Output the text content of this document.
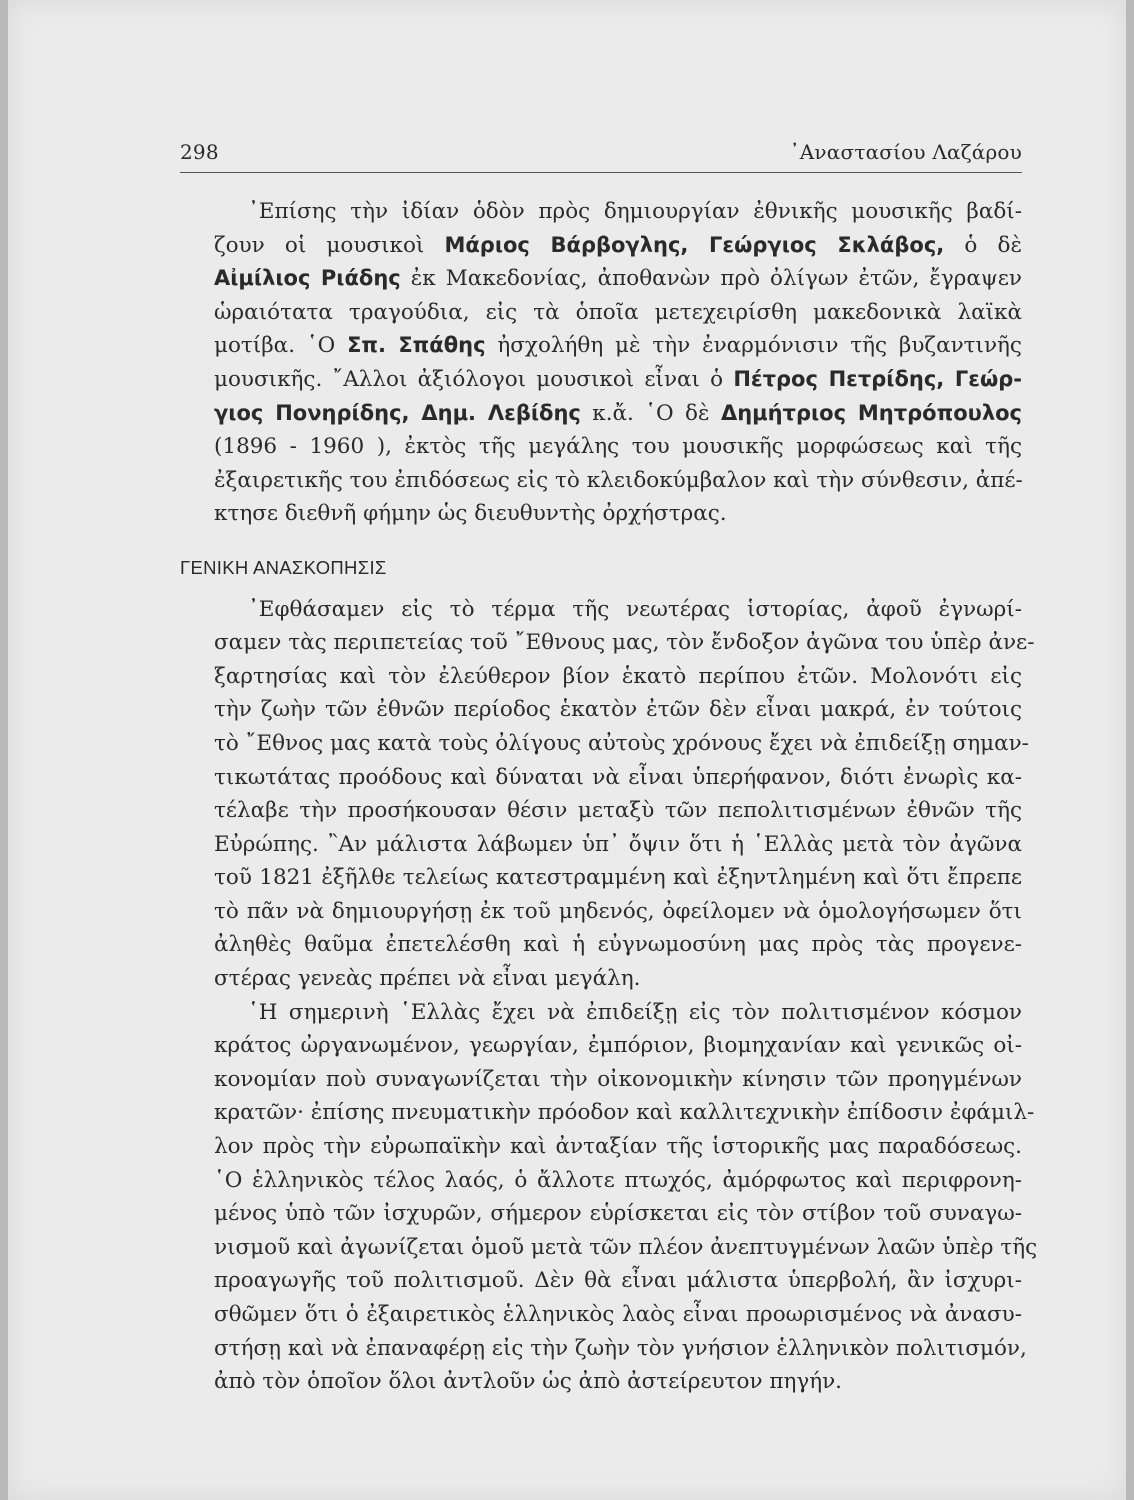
298	᾿Αναστασίου Λαζάρου
᾿Επίσης τὴν ἰδίαν ὁδὸν πρὸς δημιουργίαν ἐθνικῆς μουσικῆς βαδί-
ζουν οἱ μουσικοὶ Μάριος Βάρβογλης, Γεώργιος Σκλάβος, ὁ δὲ
Αἰμίλιος Ριάδης ἐκ Μακεδονίας, ἀποθανὼν πρὸ ὀλίγων ἐτῶν, ἔγραψεν
ὡραιότατα τραγούδια, εἰς τὰ ὁποῖα μετεχειρίσθη μακεδονικὰ λαϊκὰ
μοτίβα. ῾Ο Σπ. Σπάθης ἠσχολήθη μὲ τὴν ἐναρμόνισιν τῆς βυζαντινῆς
μουσικῆς. ῎Αλλοι ἀξιόλογοι μουσικοὶ εἶναι ὁ Πέτρος Πετρίδης, Γεώρ-
γιος Πονηρίδης, Δημ. Λεβίδης κ.ἄ. ῾Ο δὲ Δημήτριος Μητρόπουλος
(1896 - 1960 ), ἐκτὸς τῆς μεγάλης του μουσικῆς μορφώσεως καὶ τῆς
ἐξαιρετικῆς του ἐπιδόσεως εἰς τὸ κλειδοκύμβαλον καὶ τὴν σύνθεσιν, ἀπέ-
κτησε διεθνῆ φήμην ὡς διευθυντὴς ὀρχήστρας.
ΓΕΝΙΚΗ ΑΝΑΣΚΟΠΗΣΙΣ
᾿Εφθάσαμεν εἰς τὸ τέρμα τῆς νεωτέρας ἱστορίας, ἀφοῦ ἐγνωρί-
σαμεν τὰς περιπετείας τοῦ ῎Εθνους μας, τὸν ἔνδοξον ἀγῶνα του ὑπὲρ ἀνε-
ξαρτησίας καὶ τὸν ἐλεύθερον βίον ἑκατὸ περίπου ἐτῶν. Μολονότι εἰς
τὴν ζωὴν τῶν ἐθνῶν περίοδος ἑκατὸν ἐτῶν δὲν εἶναι μακρά, ἐν τούτοις
τὸ ῎Εθνος μας κατὰ τοὺς ὀλίγους αὐτοὺς χρόνους ἔχει νὰ ἐπιδείξῃ σημαν-
τικωτάτας προόδους καὶ δύναται νὰ εἶναι ὑπερήφανον, διότι ἐνωρὶς κα-
τέλαβε τὴν προσήκουσαν θέσιν μεταξὺ τῶν πεπολιτισμένων ἐθνῶν τῆς
Εὐρώπης. ῍Αν μάλιστα λάβωμεν ὑπ᾿ ὄψιν ὅτι ἡ ῾Ελλὰς μετὰ τὸν ἀγῶνα
τοῦ 1821 ἐξῆλθε τελείως κατεστραμμένη καὶ ἐξηντλημένη καὶ ὅτι ἔπρεπε
τὸ πᾶν νὰ δημιουργήσῃ ἐκ τοῦ μηδενός, ὀφείλομεν νὰ ὁμολογήσωμεν ὅτι
ἀληθὲς θαῦμα ἐπετελέσθη καὶ ἡ εὐγνωμοσύνη μας πρὸς τὰς προγενε-
στέρας γενεὰς πρέπει νὰ εἶναι μεγάλη.
῾Η σημερινὴ ῾Ελλὰς ἔχει νὰ ἐπιδείξῃ εἰς τὸν πολιτισμένον κόσμον
κράτος ὠργανωμένον, γεωργίαν, ἐμπόριον, βιομηχανίαν καὶ γενικῶς οἰ-
κονομίαν ποὺ συναγωνίζεται τὴν οἰκονομικὴν κίνησιν τῶν προηγμένων
κρατῶν· ἐπίσης πνευματικὴν πρόοδον καὶ καλλιτεχνικὴν ἐπίδοσιν ἐφάμιλ-
λον πρὸς τὴν εὐρωπαϊκὴν καὶ ἀνταξίαν τῆς ἱστορικῆς μας παραδόσεως.
῾Ο ἑλληνικὸς τέλος λαός, ὁ ἄλλοτε πτωχός, ἀμόρφωτος καὶ περιφρονη-
μένος ὑπὸ τῶν ἰσχυρῶν, σήμερον εὑρίσκεται εἰς τὸν στίβον τοῦ συναγω-
νισμοῦ καὶ ἀγωνίζεται ὁμοῦ μετὰ τῶν πλέον ἀνεπτυγμένων λαῶν ὑπὲρ τῆς
προαγωγῆς τοῦ πολιτισμοῦ. Δὲν θὰ εἶναι μάλιστα ὑπερβολή, ἂν ἰσχυρι-
σθῶμεν ὅτι ὁ ἐξαιρετικὸς ἑλληνικὸς λαὸς εἶναι προωρισμένος νὰ ἀνασυ-
στήσῃ καὶ νὰ ἐπαναφέρῃ εἰς τὴν ζωὴν τὸν γνήσιον ἑλληνικὸν πολιτισμόν,
ἀπὸ τὸν ὁποῖον ὅλοι ἀντλοῦν ὡς ἀπὸ ἀστείρευτον πηγήν.
